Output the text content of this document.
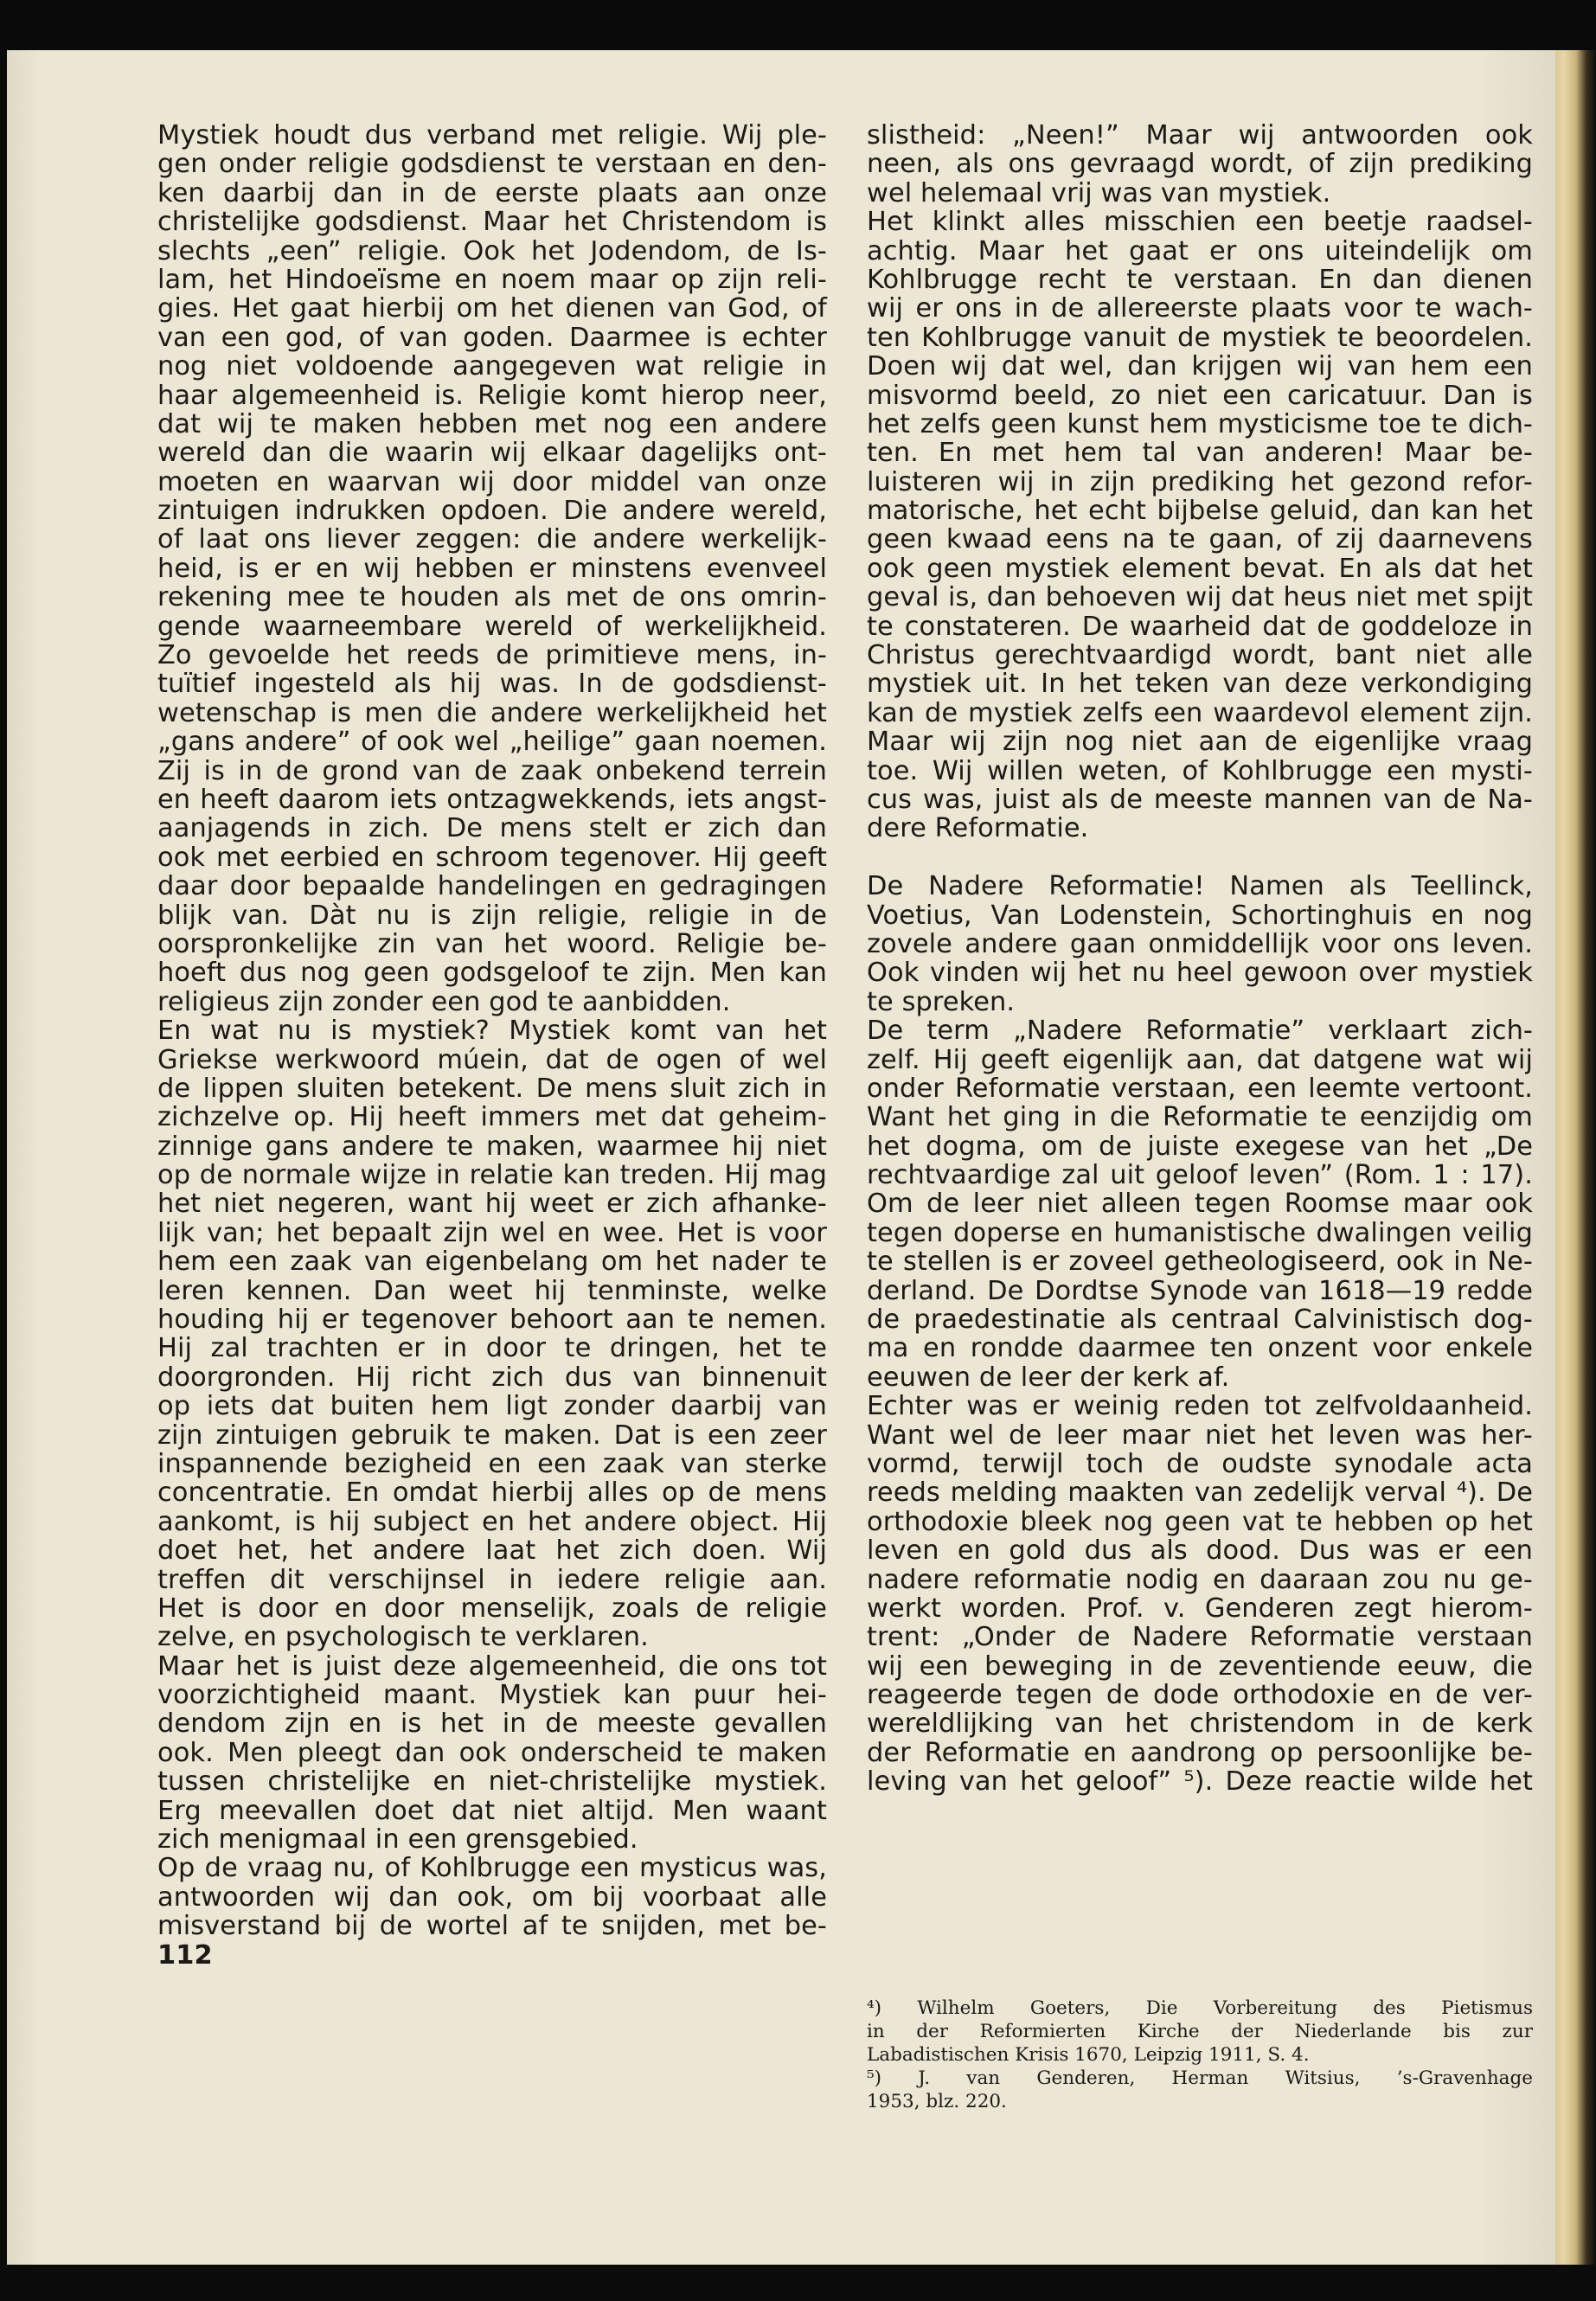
Mystiek houdt dus verband met religie. Wij ple-
gen onder religie godsdienst te verstaan en den-
ken daarbij dan in de eerste plaats aan onze
christelijke godsdienst. Maar het Christendom is
slechts „een” religie. Ook het Jodendom, de Is-
lam, het Hindoeïsme en noem maar op zijn reli-
gies. Het gaat hierbij om het dienen van God, of
van een god, of van goden. Daarmee is echter
nog niet voldoende aangegeven wat religie in
haar algemeenheid is. Religie komt hierop neer,
dat wij te maken hebben met nog een andere
wereld dan die waarin wij elkaar dagelijks ont-
moeten en waarvan wij door middel van onze
zintuigen indrukken opdoen. Die andere wereld,
of laat ons liever zeggen: die andere werkelijk-
heid, is er en wij hebben er minstens evenveel
rekening mee te houden als met de ons omrin-
gende waarneembare wereld of werkelijkheid.
Zo gevoelde het reeds de primitieve mens, in-
tuïtief ingesteld als hij was. In de godsdienst-
wetenschap is men die andere werkelijkheid het
„gans andere” of ook wel „heilige” gaan noemen.
Zij is in de grond van de zaak onbekend terrein
en heeft daarom iets ontzagwekkends, iets angst-
aanjagends in zich. De mens stelt er zich dan
ook met eerbied en schroom tegenover. Hij geeft
daar door bepaalde handelingen en gedragingen
blijk van. Dàt nu is zijn religie, religie in de
oorspronkelijke zin van het woord. Religie be-
hoeft dus nog geen godsgeloof te zijn. Men kan
religieus zijn zonder een god te aanbidden.
En wat nu is mystiek? Mystiek komt van het
Griekse werkwoord múein, dat de ogen of wel
de lippen sluiten betekent. De mens sluit zich in
zichzelve op. Hij heeft immers met dat geheim-
zinnige gans andere te maken, waarmee hij niet
op de normale wijze in relatie kan treden. Hij mag
het niet negeren, want hij weet er zich afhanke-
lijk van; het bepaalt zijn wel en wee. Het is voor
hem een zaak van eigenbelang om het nader te
leren kennen. Dan weet hij tenminste, welke
houding hij er tegenover behoort aan te nemen.
Hij zal trachten er in door te dringen, het te
doorgronden. Hij richt zich dus van binnenuit
op iets dat buiten hem ligt zonder daarbij van
zijn zintuigen gebruik te maken. Dat is een zeer
inspannende bezigheid en een zaak van sterke
concentratie. En omdat hierbij alles op de mens
aankomt, is hij subject en het andere object. Hij
doet het, het andere laat het zich doen. Wij
treffen dit verschijnsel in iedere religie aan.
Het is door en door menselijk, zoals de religie
zelve, en psychologisch te verklaren.
Maar het is juist deze algemeenheid, die ons tot
voorzichtigheid maant. Mystiek kan puur hei-
dendom zijn en is het in de meeste gevallen
ook. Men pleegt dan ook onderscheid te maken
tussen christelijke en niet-christelijke mystiek.
Erg meevallen doet dat niet altijd. Men waant
zich menigmaal in een grensgebied.
Op de vraag nu, of Kohlbrugge een mysticus was,
antwoorden wij dan ook, om bij voorbaat alle
misverstand bij de wortel af te snijden, met be-
112
slistheid: „Neen!” Maar wij antwoorden ook
neen, als ons gevraagd wordt, of zijn prediking
wel helemaal vrij was van mystiek.
Het klinkt alles misschien een beetje raadsel-
achtig. Maar het gaat er ons uiteindelijk om
Kohlbrugge recht te verstaan. En dan dienen
wij er ons in de allereerste plaats voor te wach-
ten Kohlbrugge vanuit de mystiek te beoordelen.
Doen wij dat wel, dan krijgen wij van hem een
misvormd beeld, zo niet een caricatuur. Dan is
het zelfs geen kunst hem mysticisme toe te dich-
ten. En met hem tal van anderen! Maar be-
luisteren wij in zijn prediking het gezond refor-
matorische, het echt bijbelse geluid, dan kan het
geen kwaad eens na te gaan, of zij daarnevens
ook geen mystiek element bevat. En als dat het
geval is, dan behoeven wij dat heus niet met spijt
te constateren. De waarheid dat de goddeloze in
Christus gerechtvaardigd wordt, bant niet alle
mystiek uit. In het teken van deze verkondiging
kan de mystiek zelfs een waardevol element zijn.
Maar wij zijn nog niet aan de eigenlijke vraag
toe. Wij willen weten, of Kohlbrugge een mysti-
cus was, juist als de meeste mannen van de Na-
dere Reformatie.
De Nadere Reformatie! Namen als Teellinck,
Voetius, Van Lodenstein, Schortinghuis en nog
zovele andere gaan onmiddellijk voor ons leven.
Ook vinden wij het nu heel gewoon over mystiek
te spreken.
De term „Nadere Reformatie” verklaart zich-
zelf. Hij geeft eigenlijk aan, dat datgene wat wij
onder Reformatie verstaan, een leemte vertoont.
Want het ging in die Reformatie te eenzijdig om
het dogma, om de juiste exegese van het „De
rechtvaardige zal uit geloof leven” (Rom. 1 : 17).
Om de leer niet alleen tegen Roomse maar ook
tegen doperse en humanistische dwalingen veilig
te stellen is er zoveel getheologiseerd, ook in Ne-
derland. De Dordtse Synode van 1618—19 redde
de praedestinatie als centraal Calvinistisch dog-
ma en rondde daarmee ten onzent voor enkele
eeuwen de leer der kerk af.
Echter was er weinig reden tot zelfvoldaanheid.
Want wel de leer maar niet het leven was her-
vormd, terwijl toch de oudste synodale acta
reeds melding maakten van zedelijk verval ⁴). De
orthodoxie bleek nog geen vat te hebben op het
leven en gold dus als dood. Dus was er een
nadere reformatie nodig en daaraan zou nu ge-
werkt worden. Prof. v. Genderen zegt hierom-
trent: „Onder de Nadere Reformatie verstaan
wij een beweging in de zeventiende eeuw, die
reageerde tegen de dode orthodoxie en de ver-
wereldlijking van het christendom in de kerk
der Reformatie en aandrong op persoonlijke be-
leving van het geloof” ⁵). Deze reactie wilde het
⁴) Wilhelm Goeters, Die Vorbereitung des Pietismus
in der Reformierten Kirche der Niederlande bis zur
Labadistischen Krisis 1670, Leipzig 1911, S. 4.
⁵) J. van Genderen, Herman Witsius, ’s-Gravenhage
1953, blz. 220.
